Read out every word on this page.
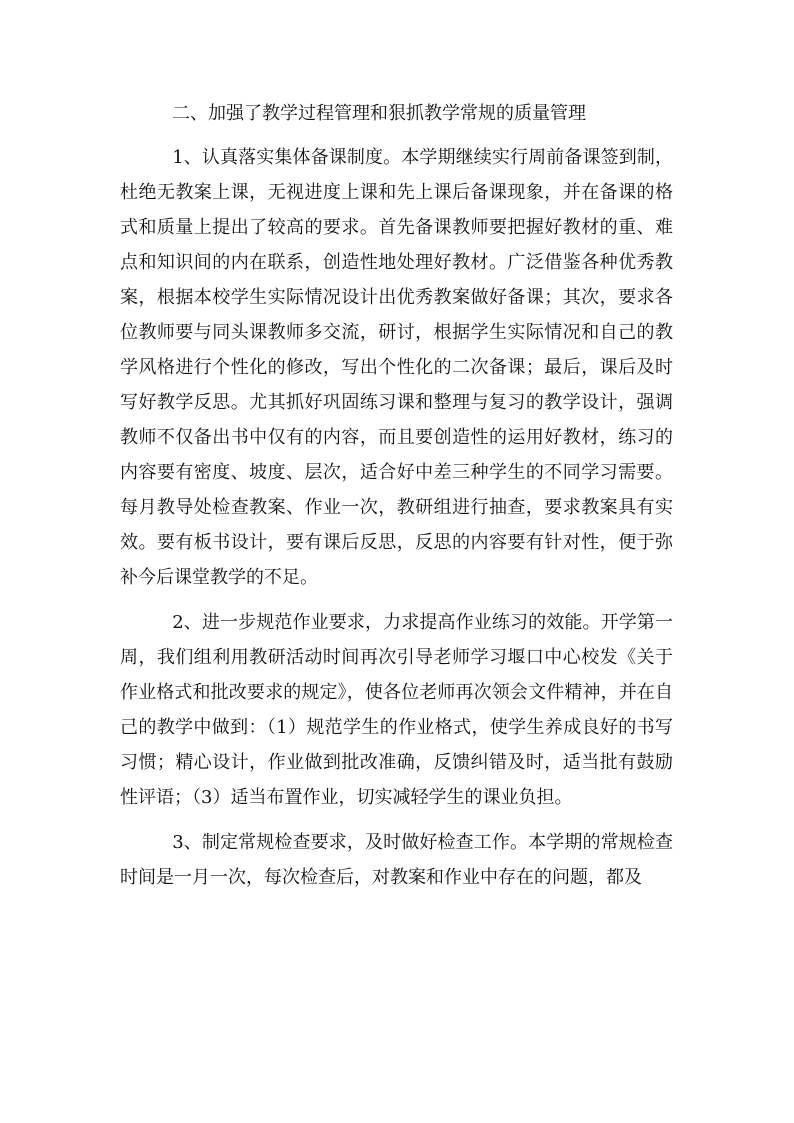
二、加强了教学过程管理和狠抓教学常规的质量管理

1、认真落实集体备课制度。本学期继续实行周前备课签到制，杜绝无教案上课，无视进度上课和先上课后备课现象，并在备课的格式和质量上提出了较高的要求。首先备课教师要把握好教材的重、难点和知识间的内在联系，创造性地处理好教材。广泛借鉴各种优秀教案，根据本校学生实际情况设计出优秀教案做好备课；其次，要求各位教师要与同头课教师多交流，研讨，根据学生实际情况和自己的教学风格进行个性化的修改，写出个性化的二次备课；最后，课后及时写好教学反思。尤其抓好巩固练习课和整理与复习的教学设计，强调教师不仅备出书中仅有的内容，而且要创造性的运用好教材，练习的内容要有密度、坡度、层次，适合好中差三种学生的不同学习需要。每月教导处检查教案、作业一次，教研组进行抽查，要求教案具有实效。要有板书设计，要有课后反思，反思的内容要有针对性，便于弥补今后课堂教学的不足。

2、进一步规范作业要求，力求提高作业练习的效能。开学第一周，我们组利用教研活动时间再次引导老师学习堰口中心校发《关于作业格式和批改要求的规定》，使各位老师再次领会文件精神，并在自己的教学中做到：（1）规范学生的作业格式，使学生养成良好的书写习惯；精心设计，作业做到批改准确，反馈纠错及时，适当批有鼓励性评语；（3）适当布置作业，切实减轻学生的课业负担。

3、制定常规检查要求，及时做好检查工作。本学期的常规检查时间是一月一次，每次检查后，对教案和作业中存在的问题，都及
